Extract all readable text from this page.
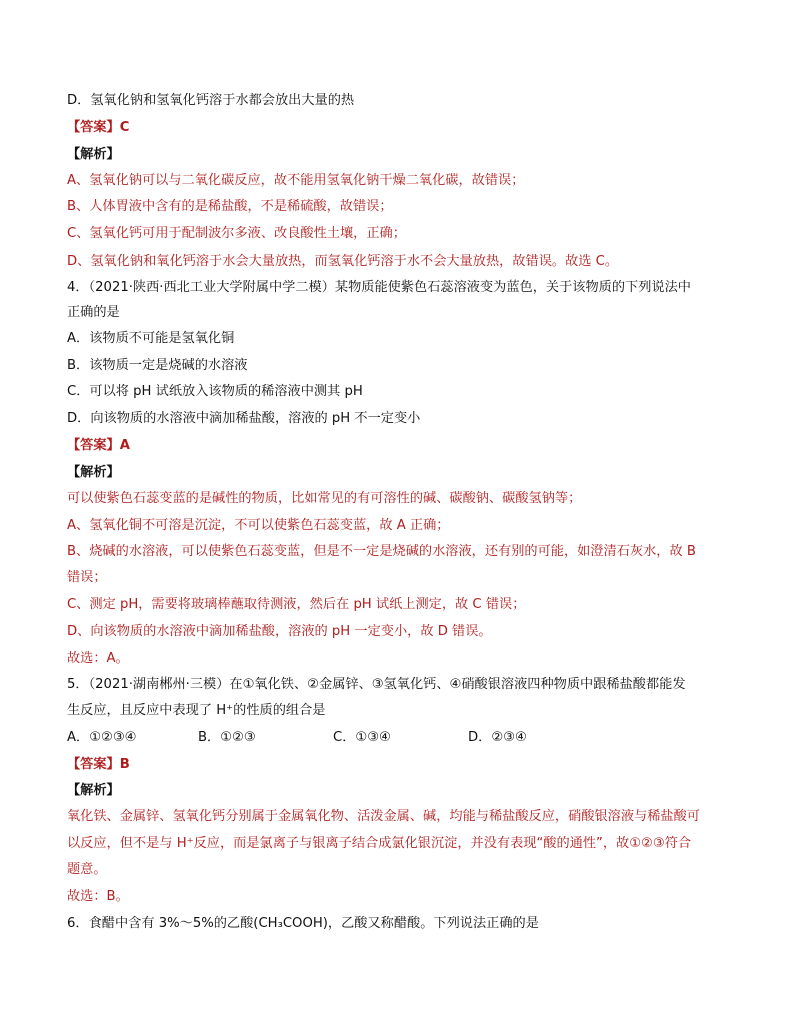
D．氢氧化钠和氢氧化钙溶于水都会放出大量的热
【答案】C
【解析】
A、氢氧化钠可以与二氧化碳反应，故不能用氢氧化钠干燥二氧化碳，故错误；
B、人体胃液中含有的是稀盐酸，不是稀硫酸，故错误；
C、氢氧化钙可用于配制波尔多液、改良酸性土壤，正确；
D、氢氧化钠和氧化钙溶于水会大量放热，而氢氧化钙溶于水不会大量放热，故错误。故选 C。
4．（2021·陕西·西北工业大学附属中学二模）某物质能使紫色石蕊溶液变为蓝色，关于该物质的下列说法中
正确的是
A．该物质不可能是氢氧化铜
B．该物质一定是烧碱的水溶液
C．可以将 pH 试纸放入该物质的稀溶液中测其 pH
D．向该物质的水溶液中滴加稀盐酸，溶液的 pH 不一定变小
【答案】A
【解析】
可以使紫色石蕊变蓝的是碱性的物质，比如常见的有可溶性的碱、碳酸钠、碳酸氢钠等；
A、氢氧化铜不可溶是沉淀，不可以使紫色石蕊变蓝，故 A 正确；
B、烧碱的水溶液，可以使紫色石蕊变蓝，但是不一定是烧碱的水溶液，还有别的可能，如澄清石灰水，故 B
错误；
C、测定 pH，需要将玻璃棒蘸取待测液，然后在 pH 试纸上测定，故 C 错误；
D、向该物质的水溶液中滴加稀盐酸，溶液的 pH 一定变小，故 D 错误。
故选：A。
5．（2021·湖南郴州·三模）在①氧化铁、②金属锌、③氢氧化钙、④硝酸银溶液四种物质中跟稀盐酸都能发
生反应，且反应中表现了 H⁺的性质的组合是
A．①②③④	B．①②③	C．①③④	D．②③④
【答案】B
【解析】
氧化铁、金属锌、氢氧化钙分别属于金属氧化物、活泼金属、碱，均能与稀盐酸反应，硝酸银溶液与稀盐酸可
以反应，但不是与 H⁺反应，而是氯离子与银离子结合成氯化银沉淀，并没有表现“酸的通性”，故①②③符合
题意。
故选：B。
6．食醋中含有 3%～5%的乙酸(CH₃COOH)，乙酸又称醋酸。下列说法正确的是
